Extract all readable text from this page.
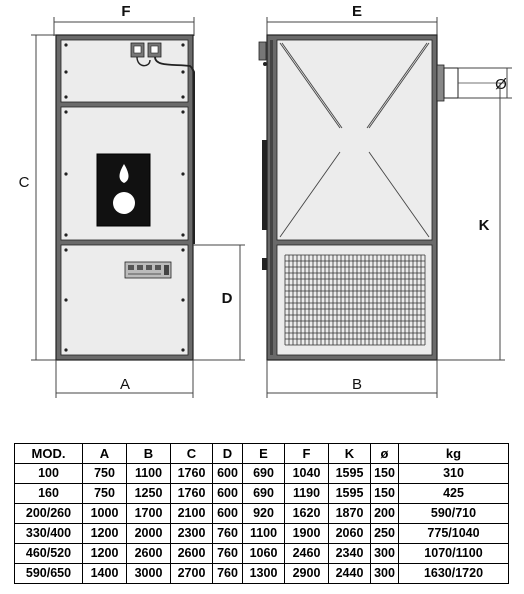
F
C
A
D
E
Ø
K
B
MOD.	A	B	C	D	E	F	K	ø	kg
100	750	1100	1760	600	690	1040	1595	150	310
160	750	1250	1760	600	690	1190	1595	150	425
200/260	1000	1700	2100	600	920	1620	1870	200	590/710
330/400	1200	2000	2300	760	1100	1900	2060	250	775/1040
460/520	1200	2600	2600	760	1060	2460	2340	300	1070/1100
590/650	1400	3000	2700	760	1300	2900	2440	300	1630/1720
